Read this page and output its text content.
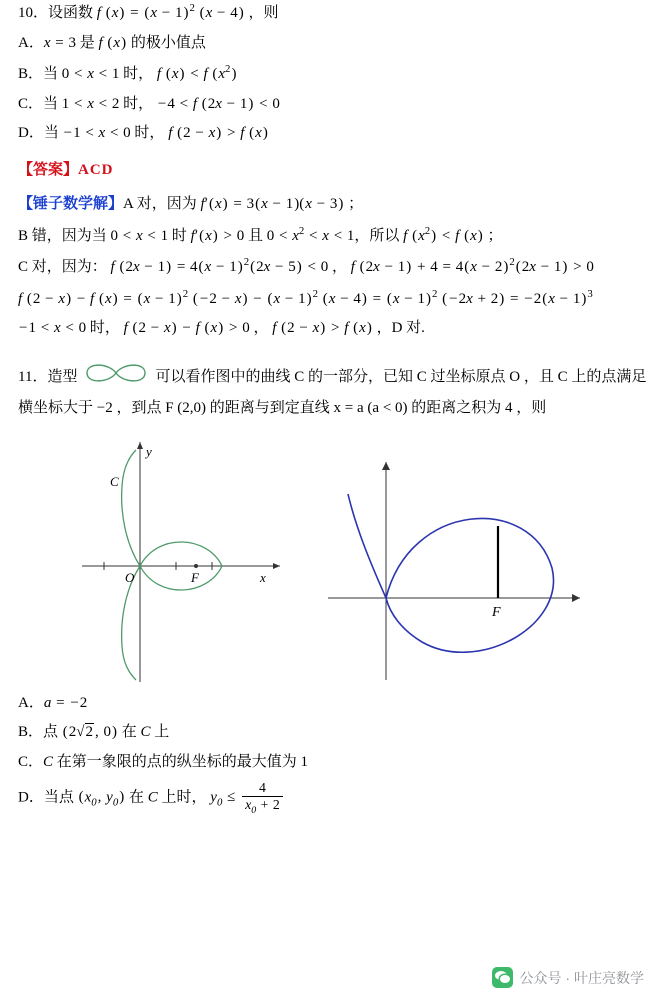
10．设函数 f $(x) = (x - 1)^2$ (x − 4) ，则
A．x = 3 是 f (x) 的极小值点
B．当 0 < x < 1 时， f (x) < f $(x^2)$
C．当 1 < x < 2 时， −4 < f (2x − 1) < 0
D．当 −1 < x < 0 时， f (2 − x) > f (x)
【答案】ACD
【锤子数学解】A 对，因为 f′(x) = 3(x − 1)(x − 3) ；
B 错，因为当 0 < x < 1 时 f′(x) > 0 且 $0 < x^2 < x < 1$，所以 f $(x^2) < f$ (x) ；
C 对，因为： f $(2x - 1) = 4(x - 1)^2(2x - 5) < 0$ ， f $(2x - 1) + 4 = 4(x - 2)^2(2x - 1) > 0$
f (2 − x) − f $(x) = (x - 1)^2$ ( $-2 - x) - (x - 1)^2$ $(x - 4) = (x - 1)^2$ ( $-2x + 2) = -2(x - 1)^3$
−1 < x < 0 时， f (2 − x) − f (x) > 0 ， f (2 − x) > f (x) ，D 对.
11．造型	可以看作图中的曲线 C 的一部分，已知 C 过坐标原点 O ，且 C 上的点满足
横坐标大于 −2 ，到点 F (2,0) 的距离与到定直线 x = a (a < 0) 的距离之积为 4 ，则
O	F	x
y
C
F
A．a = −2
B．点 (2√2 , 0) 在 C 上
C．C 在第一象限的点的纵坐标的最大值为 1
D．当点 ($x_0$, $y_0$) 在 C 上时， $y_0 \le \frac{4}{x_0 + 2}$
公众号 · 叶庄亮数学
